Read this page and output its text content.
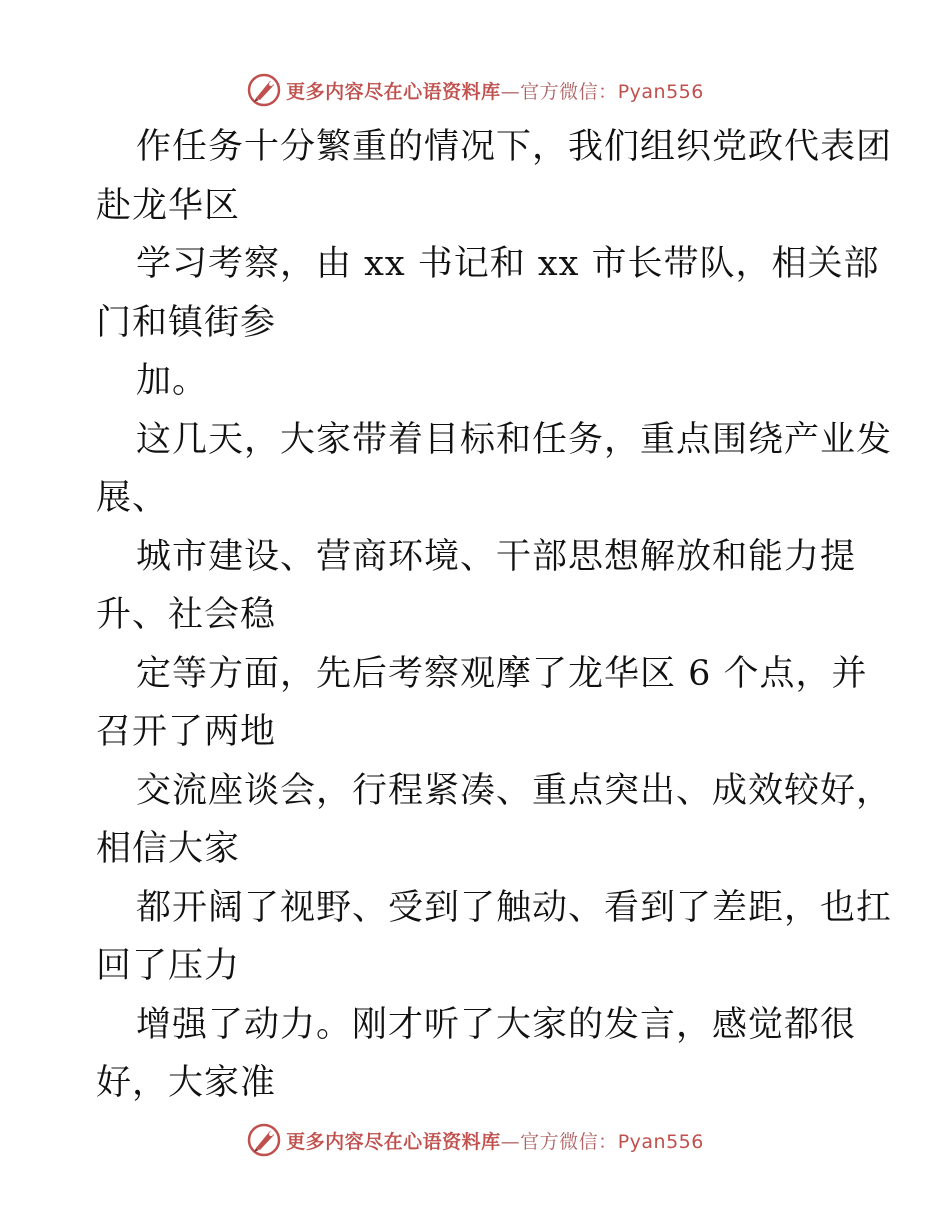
更多内容尽在心语资料库—官方微信：Pyan556
作任务十分繁重的情况下，我们组织党政代表团
赴龙华区
学习考察，由 xx 书记和 xx 市长带队，相关部
门和镇街参
加。
这几天，大家带着目标和任务，重点围绕产业发
展、
城市建设、营商环境、干部思想解放和能力提
升、社会稳
定等方面，先后考察观摩了龙华区 6 个点，并
召开了两地
交流座谈会，行程紧凑、重点突出、成效较好，
相信大家
都开阔了视野、受到了触动、看到了差距，也扛
回了压力
增强了动力。刚才听了大家的发言，感觉都很
好，大家准
更多内容尽在心语资料库—官方微信：Pyan556
